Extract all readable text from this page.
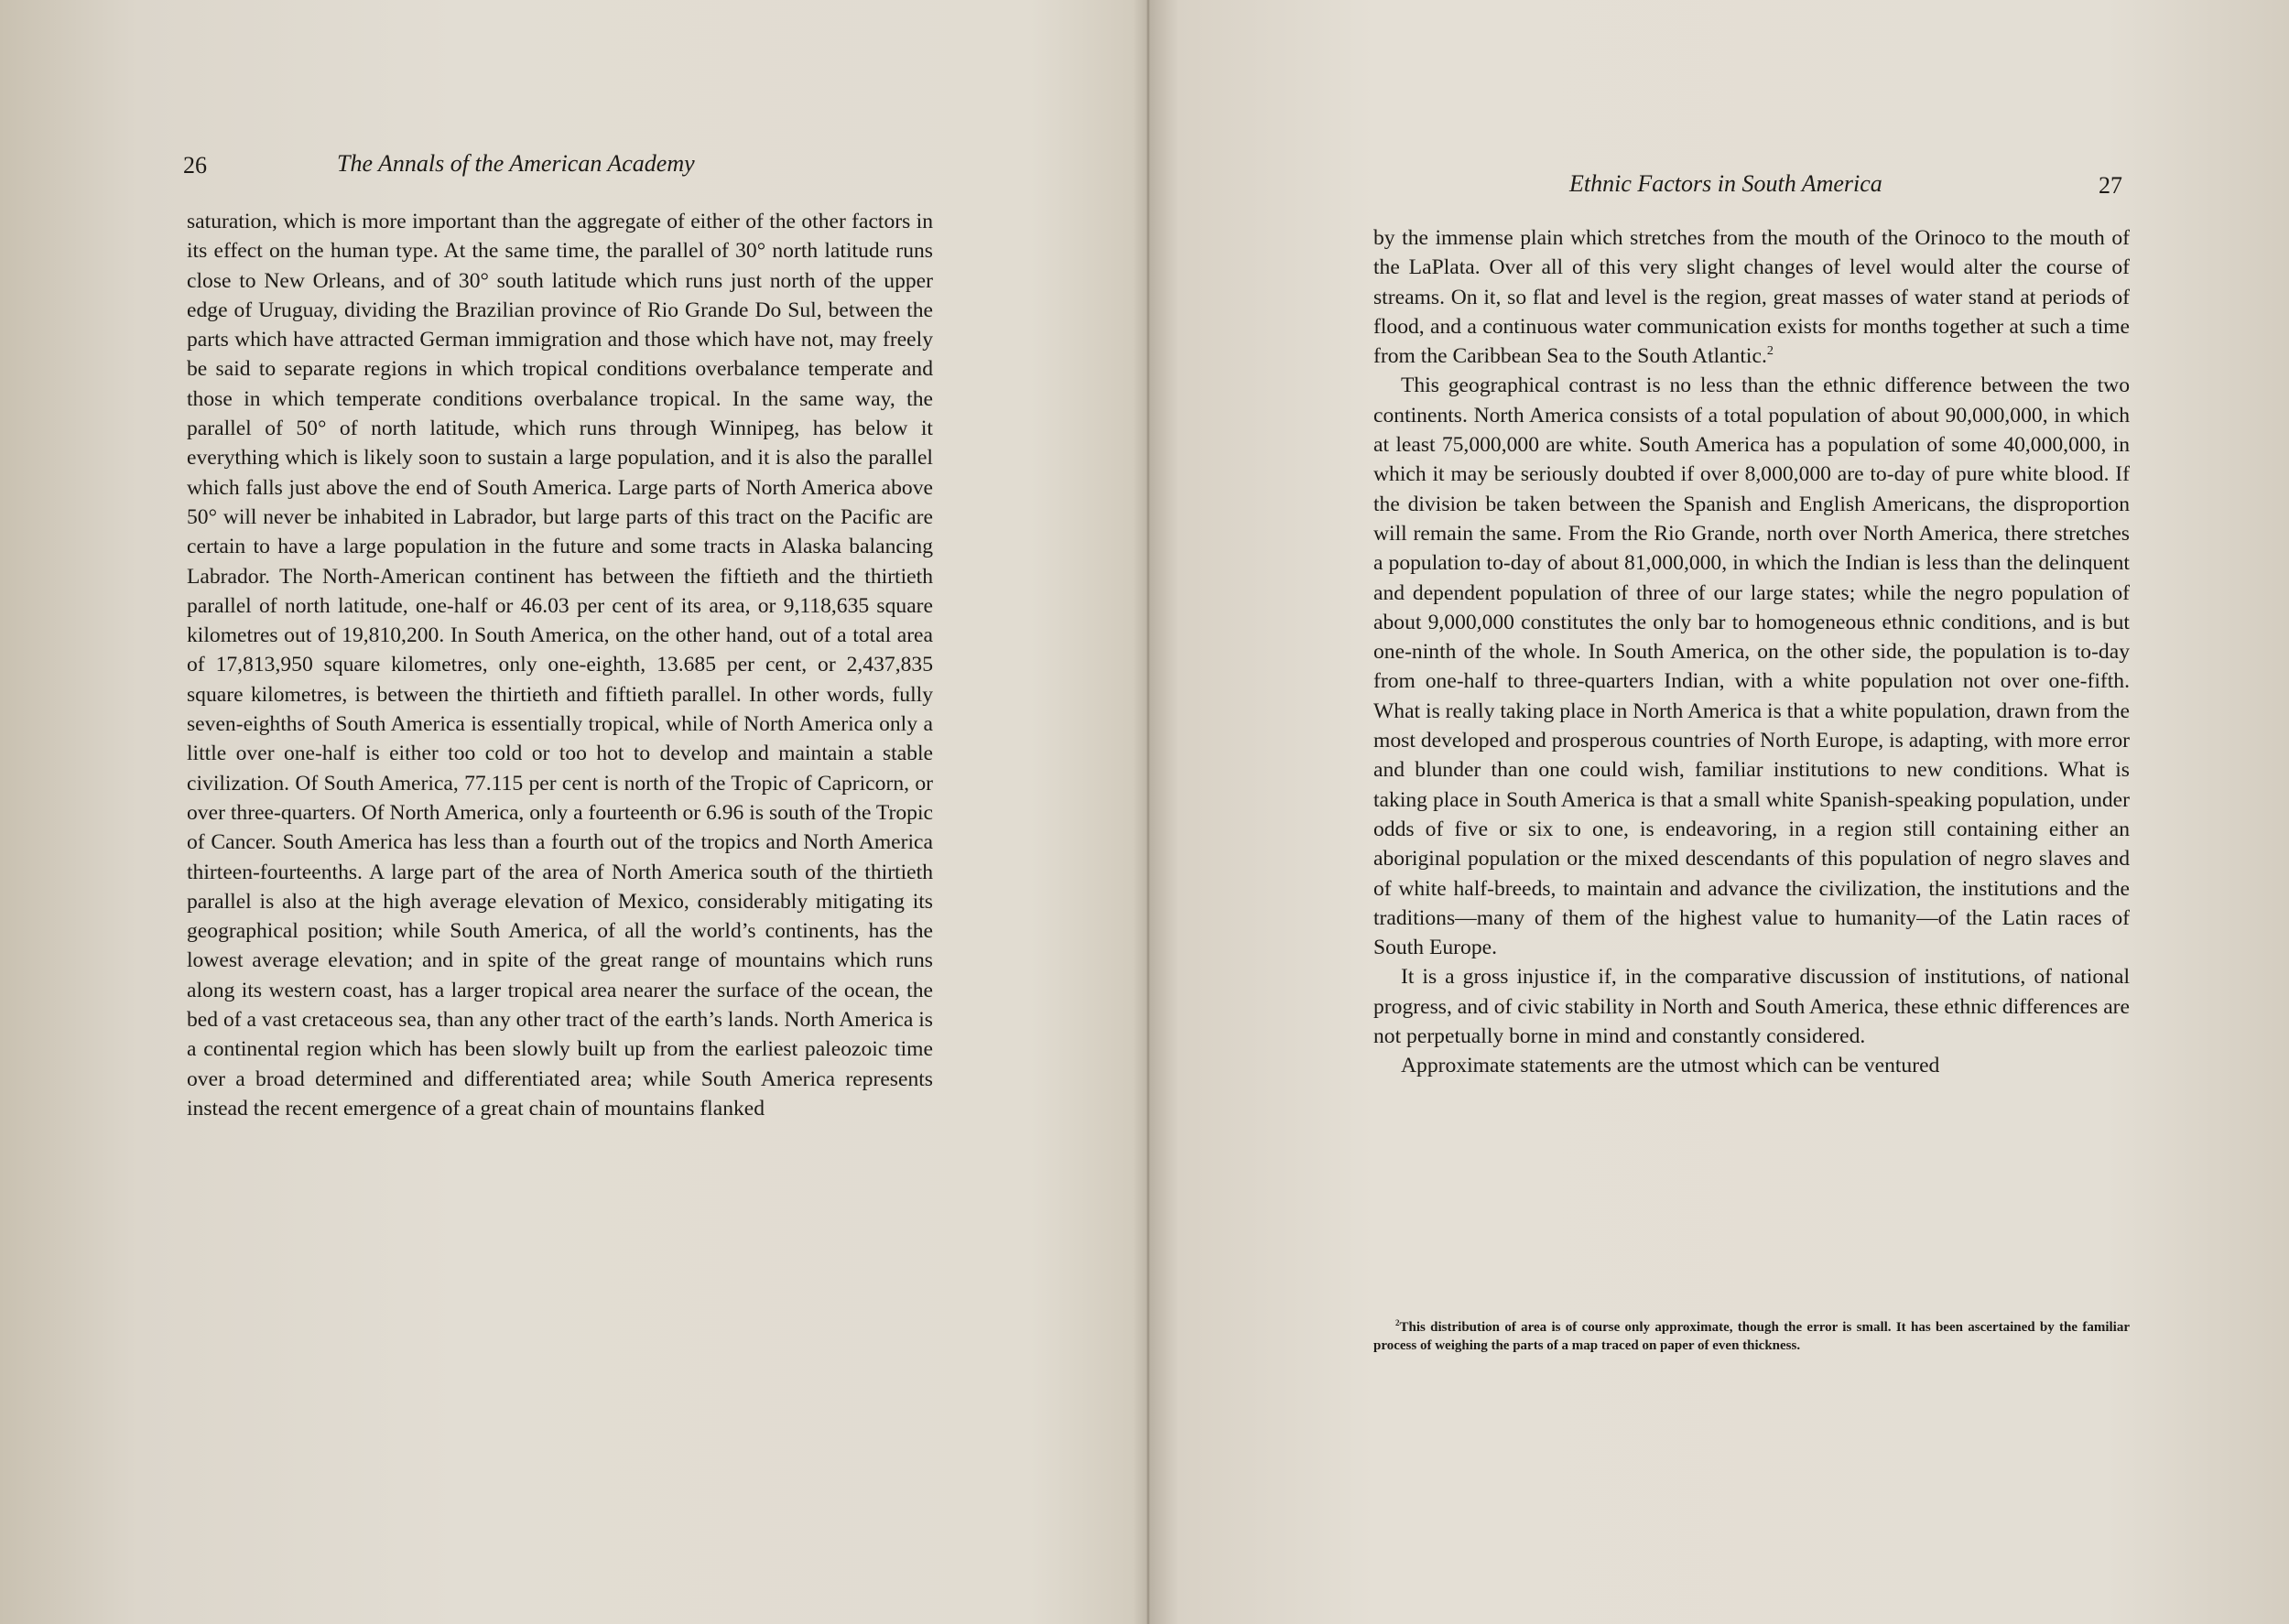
26	The Annals of the American Academy

saturation, which is more important than the aggregate of either of the other factors in its effect on the human type. At the same time, the parallel of 30° north latitude runs close to New Orleans, and of 30° south latitude which runs just north of the upper edge of Uruguay, dividing the Brazilian province of Rio Grande Do Sul, between the parts which have attracted German immigration and those which have not, may freely be said to separate regions in which tropical conditions overbalance temperate and those in which temperate conditions overbalance tropical. In the same way, the parallel of 50° of north latitude, which runs through Winnipeg, has below it everything which is likely soon to sustain a large population, and it is also the parallel which falls just above the end of South America. Large parts of North America above 50° will never be inhabited in Labrador, but large parts of this tract on the Pacific are certain to have a large population in the future and some tracts in Alaska balancing Labrador. The North-American continent has between the fiftieth and the thirtieth parallel of north latitude, one-half or 46.03 per cent of its area, or 9,118,635 square kilometres out of 19,810,200. In South America, on the other hand, out of a total area of 17,813,950 square kilometres, only one-eighth, 13.685 per cent, or 2,437,835 square kilometres, is between the thirtieth and fiftieth parallel. In other words, fully seven-eighths of South America is essentially tropical, while of North America only a little over one-half is either too cold or too hot to develop and maintain a stable civilization. Of South America, 77.115 per cent is north of the Tropic of Capricorn, or over three-quarters. Of North America, only a fourteenth or 6.96 is south of the Tropic of Cancer. South America has less than a fourth out of the tropics and North America thirteen-fourteenths. A large part of the area of North America south of the thirtieth parallel is also at the high average elevation of Mexico, considerably mitigating its geographical position; while South America, of all the world’s continents, has the lowest average elevation; and in spite of the great range of mountains which runs along its western coast, has a larger tropical area nearer the surface of the ocean, the bed of a vast cretaceous sea, than any other tract of the earth’s lands. North America is a continental region which has been slowly built up from the earliest paleozoic time over a broad determined and differentiated area; while South America represents instead the recent emergence of a great chain of mountains flanked

Ethnic Factors in South America	27

by the immense plain which stretches from the mouth of the Orinoco to the mouth of the LaPlata. Over all of this very slight changes of level would alter the course of streams. On it, so flat and level is the region, great masses of water stand at periods of flood, and a continuous water communication exists for months together at such a time from the Caribbean Sea to the South Atlantic.$^2$

This geographical contrast is no less than the ethnic difference between the two continents. North America consists of a total population of about 90,000,000, in which at least 75,000,000 are white. South America has a population of some 40,000,000, in which it may be seriously doubted if over 8,000,000 are to-day of pure white blood. If the division be taken between the Spanish and English Americans, the disproportion will remain the same. From the Rio Grande, north over North America, there stretches a population to-day of about 81,000,000, in which the Indian is less than the delinquent and dependent population of three of our large states; while the negro population of about 9,000,000 constitutes the only bar to homogeneous ethnic conditions, and is but one-ninth of the whole. In South America, on the other side, the population is to-day from one-half to three-quarters Indian, with a white population not over one-fifth. What is really taking place in North America is that a white population, drawn from the most developed and prosperous countries of North Europe, is adapting, with more error and blunder than one could wish, familiar institutions to new conditions. What is taking place in South America is that a small white Spanish-speaking population, under odds of five or six to one, is endeavoring, in a region still containing either an aboriginal population or the mixed descendants of this population of negro slaves and of white half-breeds, to maintain and advance the civilization, the institutions and the traditions—many of them of the highest value to humanity—of the Latin races of South Europe.

It is a gross injustice if, in the comparative discussion of institutions, of national progress, and of civic stability in North and South America, these ethnic differences are not perpetually borne in mind and constantly considered.

Approximate statements are the utmost which can be ventured

$^2$This distribution of area is of course only approximate, though the error is small. It has been ascertained by the familiar process of weighing the parts of a map traced on paper of even thickness.
